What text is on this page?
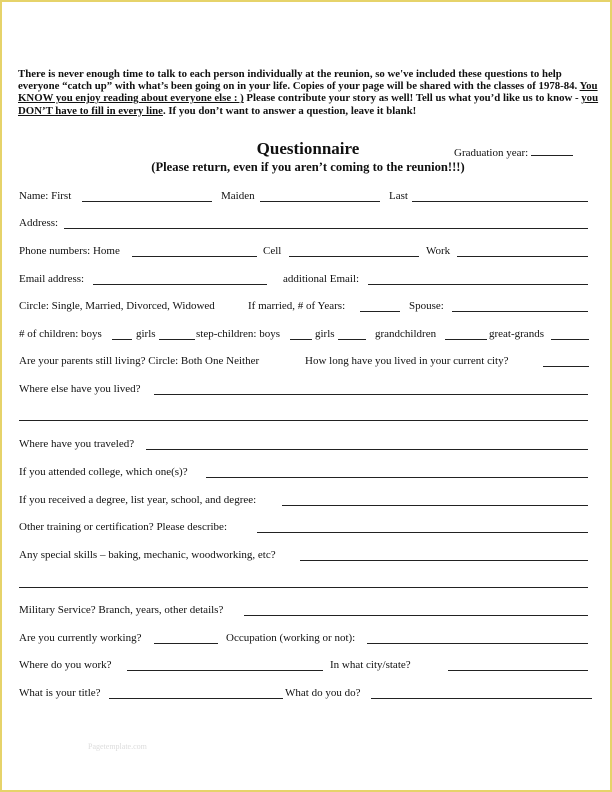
There is never enough time to talk to each person individually at the reunion, so we've included these questions to help everyone “catch up” with what’s been going on in your life. Copies of your page will be shared with the classes of 1978-84. You KNOW you enjoy reading about everyone else : ) Please contribute your story as well! Tell us what you’d like us to know - you DON’T have to fill in every line. If you don’t want to answer a question, leave it blank!

Questionnaire	Graduation year:
(Please return, even if you aren’t coming to the reunion!!!)
Name: First	Maiden	Last
Address:
Phone numbers: Home	Cell	Work
Email address:	additional Email:
Circle: Single, Married, Divorced, Widowed	If married, # of Years:	Spouse:
# of children: boys	girls	step-children: boys	girls	grandchildren	great-grands
Are your parents still living? Circle: Both One Neither	How long have you lived in your current city?
Where else have you lived?
Where have you traveled?
If you attended college, which one(s)?
If you received a degree, list year, school, and degree:
Other training or certification? Please describe:
Any special skills – baking, mechanic, woodworking, etc?
Military Service? Branch, years, other details?
Are you currently working?	Occupation (working or not):
Where do you work?	In what city/state?
What is your title?	What do you do?
Pagetemplate.com
